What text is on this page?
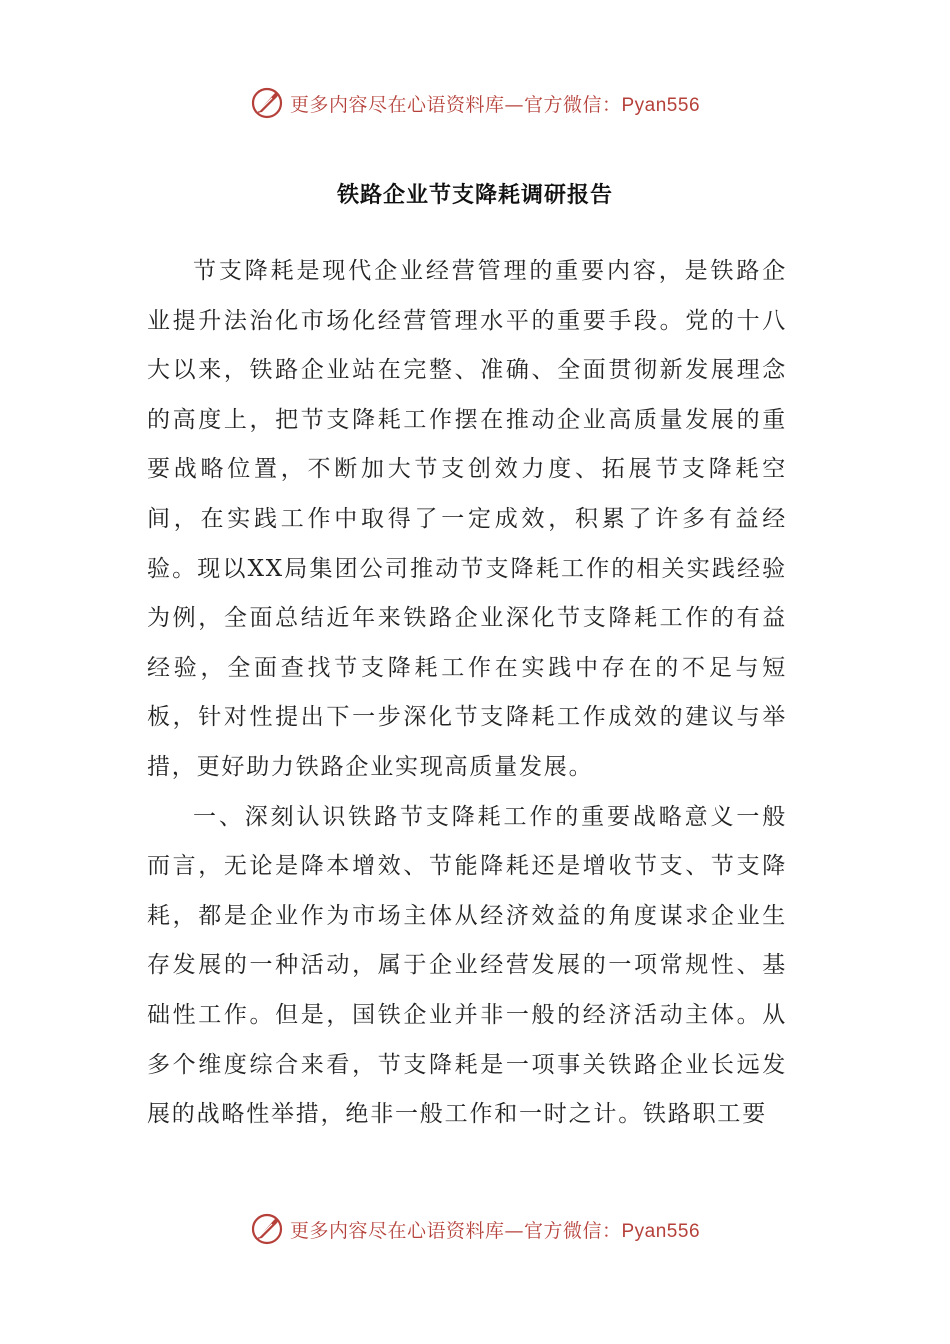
更多内容尽在心语资料库—官方微信：Pyan556
铁路企业节支降耗调研报告

节支降耗是现代企业经营管理的重要内容，是铁路企业提升法治化市场化经营管理水平的重要手段。党的十八大以来，铁路企业站在完整、准确、全面贯彻新发展理念的高度上，把节支降耗工作摆在推动企业高质量发展的重要战略位置，不断加大节支创效力度、拓展节支降耗空间，在实践工作中取得了一定成效，积累了许多有益经验。现以XX局集团公司推动节支降耗工作的相关实践经验为例，全面总结近年来铁路企业深化节支降耗工作的有益经验，全面查找节支降耗工作在实践中存在的不足与短板，针对性提出下一步深化节支降耗工作成效的建议与举措，更好助力铁路企业实现高质量发展。

一、深刻认识铁路节支降耗工作的重要战略意义一般而言，无论是降本增效、节能降耗还是增收节支、节支降耗，都是企业作为市场主体从经济效益的角度谋求企业生存发展的一种活动，属于企业经营发展的一项常规性、基础性工作。但是，国铁企业并非一般的经济活动主体。从多个维度综合来看，节支降耗是一项事关铁路企业长远发展的战略性举措，绝非一般工作和一时之计。铁路职工要

更多内容尽在心语资料库—官方微信：Pyan556
